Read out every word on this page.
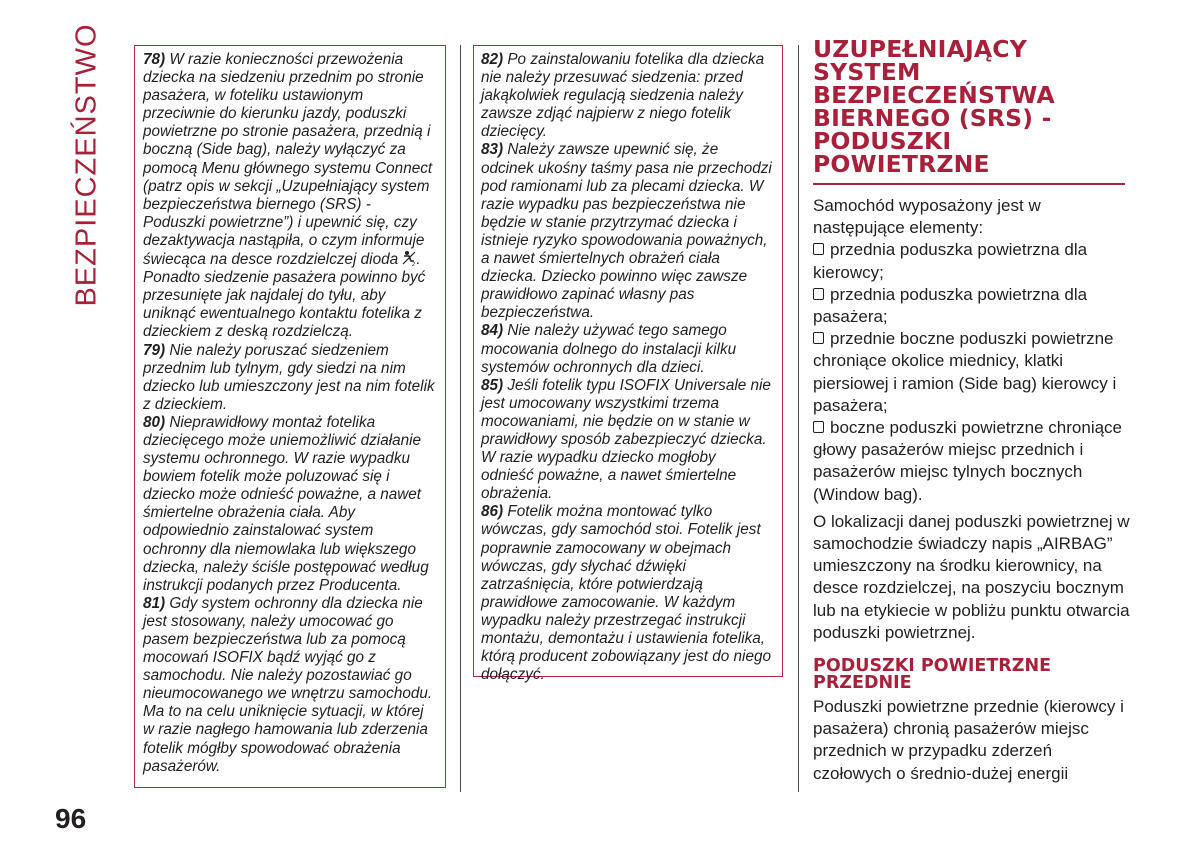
BEZPIECZEŃSTWO	78) W razie konieczności przewożenia dziecka na siedzeniu przednim po stronie pasażera, w foteliku ustawionym przeciwnie do kierunku jazdy, poduszki powietrzne po stronie pasażera, przednią i boczną (Side bag), należy wyłączyć za pomocą Menu głównego systemu Connect (patrz opis w sekcji „Uzupełniający system bezpieczeństwa biernego (SRS) - Poduszki powietrzne”) i upewnić się, czy dezaktywacja nastąpiła, o czym informuje świecąca na desce rozdzielczej dioda	2 . Ponadto siedzenie pasażera powinno być przesunięte jak najdalej do tyłu, aby uniknąć ewentualnego kontaktu fotelika z dzieckiem z deską rozdzielczą.

79) Nie należy poruszać siedzeniem przednim lub tylnym, gdy siedzi na nim dziecko lub umieszczony jest na nim fotelik z dzieckiem.

80) Nieprawidłowy montaż fotelika dziecięcego może uniemożliwić działanie systemu ochronnego. W razie wypadku bowiem fotelik może poluzować się i dziecko może odnieść poważne, a nawet śmiertelne obrażenia ciała. Aby odpowiednio zainstalować system ochronny dla niemowlaka lub większego dziecka, należy ściśle postępować według instrukcji podanych przez Producenta.

81) Gdy system ochronny dla dziecka nie jest stosowany, należy umocować go pasem bezpieczeństwa lub za pomocą mocowań ISOFIX bądź wyjąć go z samochodu. Nie należy pozostawiać go nieumocowanego we wnętrzu samochodu. Ma to na celu uniknięcie sytuacji, w której w razie nagłego hamowania lub zderzenia fotelik mógłby spowodować obrażenia pasażerów.

82) Po zainstalowaniu fotelika dla dziecka nie należy przesuwać siedzenia: przed jakąkolwiek regulacją siedzenia należy zawsze zdjąć najpierw z niego fotelik dziecięcy.

83) Należy zawsze upewnić się, że odcinek ukośny taśmy pasa nie przechodzi pod ramionami lub za plecami dziecka. W razie wypadku pas bezpieczeństwa nie będzie w stanie przytrzymać dziecka i istnieje ryzyko spowodowania poważnych, a nawet śmiertelnych obrażeń ciała dziecka. Dziecko powinno więc zawsze prawidłowo zapinać własny pas bezpieczeństwa.

84) Nie należy używać tego samego mocowania dolnego do instalacji kilku systemów ochronnych dla dzieci.

85) Jeśli fotelik typu ISOFIX Universale nie jest umocowany wszystkimi trzema mocowaniami, nie będzie on w stanie w prawidłowy sposób zabezpieczyć dziecka. W razie wypadku dziecko mogłoby odnieść poważne, a nawet śmiertelne obrażenia.

86) Fotelik można montować tylko wówczas, gdy samochód stoi. Fotelik jest poprawnie zamocowany w obejmach wówczas, gdy słychać dźwięki zatrzaśnięcia, które potwierdzają prawidłowe zamocowanie. W każdym wypadku należy przestrzegać instrukcji montażu, demontażu i ustawienia fotelika, którą producent zobowiązany jest do niego dołączyć.

UZUPEŁNIAJĄCY
SYSTEM
BEZPIECZEŃSTWA
BIERNEGO (SRS) -
PODUSZKI
POWIETRZNE

Samochód wyposażony jest w następujące elementy:

przednia poduszka powietrzna dla kierowcy;
przednia poduszka powietrzna dla pasażera;
przednie boczne poduszki powietrzne chroniące okolice miednicy, klatki piersiowej i ramion (Side bag) kierowcy i pasażera;
boczne poduszki powietrzne chroniące głowy pasażerów miejsc przednich i pasażerów miejsc tylnych bocznych (Window bag).

O lokalizacji danej poduszki powietrznej w samochodzie świadczy napis „AIRBAG” umieszczony na środku kierownicy, na desce rozdzielczej, na poszyciu bocznym lub na etykiecie w pobliżu punktu otwarcia poduszki powietrznej.

PODUSZKI POWIETRZNE
PRZEDNIE

Poduszki powietrzne przednie (kierowcy i pasażera) chronią pasażerów miejsc przednich w przypadku zderzeń czołowych o średnio-dużej energii

96
